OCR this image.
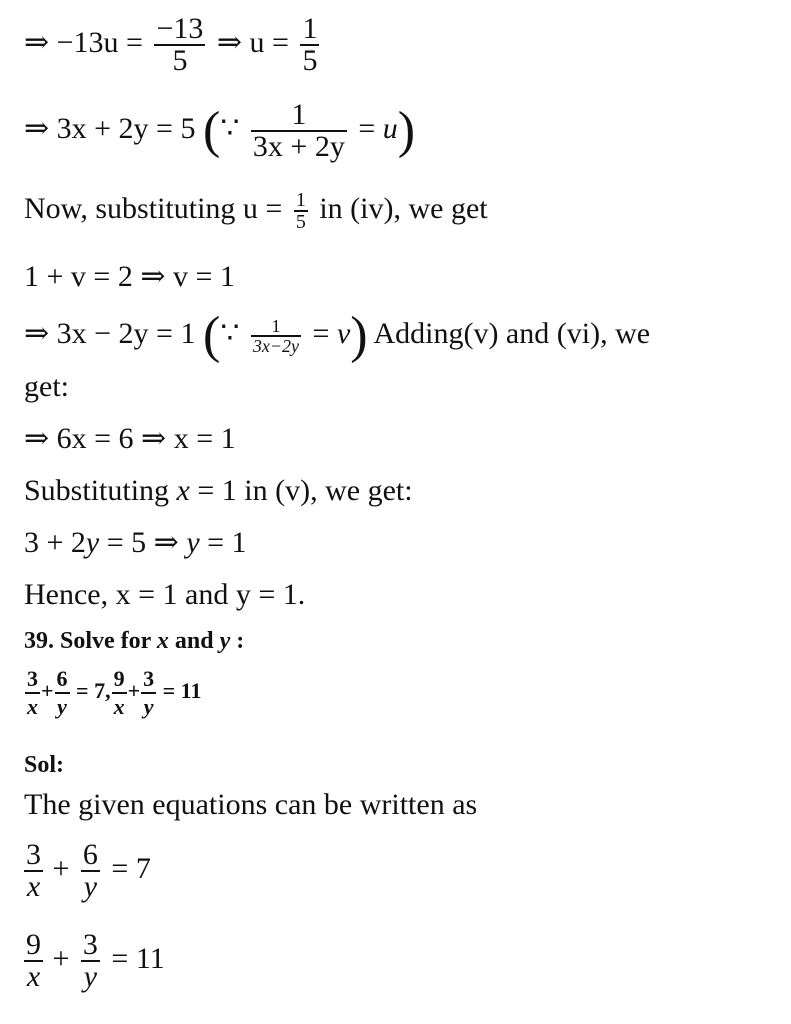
⇒ $-13u = \frac{-13}{5}$ ⇒ $u = \frac{1}{5}$
⇒ 3x + 2y = 5 (∵ $\frac{1}{3x + 2y} = u$)
Now, substituting $u = \frac{1}{5}$ in (iv), we get
1 + v = 2 ⇒ v = 1
⇒ 3x − 2y = 1 (∵ $\frac{1}{3x-2y} = v$) Adding(v) and (vi), we
get:
⇒ 6x = 6 ⇒ x = 1
Substituting x = 1 in (v), we get:
3 + 2y = 5 ⇒ y = 1
Hence, x = 1 and y = 1.
39. Solve for x and y :
$\frac{3}{x} + \frac{6}{y} = 7$, $\frac{9}{x} + \frac{3}{y} = 11$
Sol:
The given equations can be written as
$\frac{3}{x} + \frac{6}{y} = 7$
$\frac{9}{x} + \frac{3}{y} = 11$
